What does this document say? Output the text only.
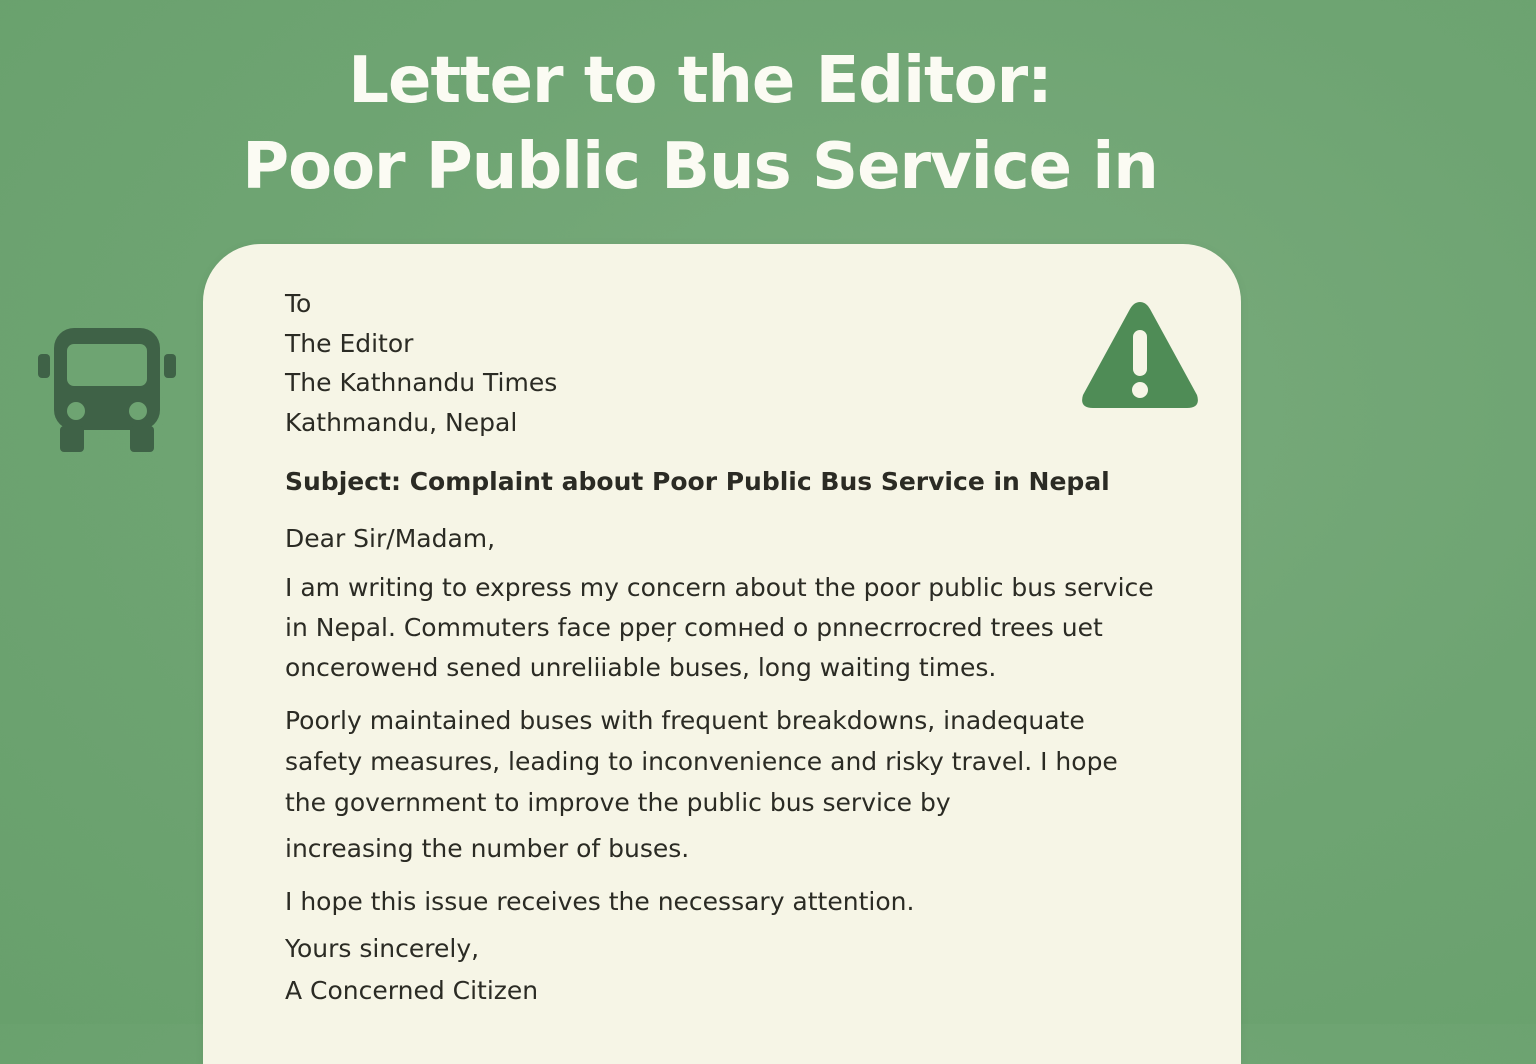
Letter to the Editor:
Poor Public Bus Service in
To
The Editor
The Kathnandu Times
Kathmandu, Nepal
Subject: Complaint about Poor Public Bus Service in Nepal
Dear Sir/Madam,
I am writing to express my concern about the poor public bus service
in Nepal. Commuters face ppeŗ comнed o pnnecrrocred trees uet
onceroweнd sened unreliiable buses, long waiting times.
Poorly maintained buses with frequent breakdowns, inadequate
safety measures, leading to inconvenience and risky travel. I hope
the government to improve the public bus service by
increasing the number of buses.
I hope this issue receives the necessary attention.
Yours sincerely,
A Concerned Citizen
